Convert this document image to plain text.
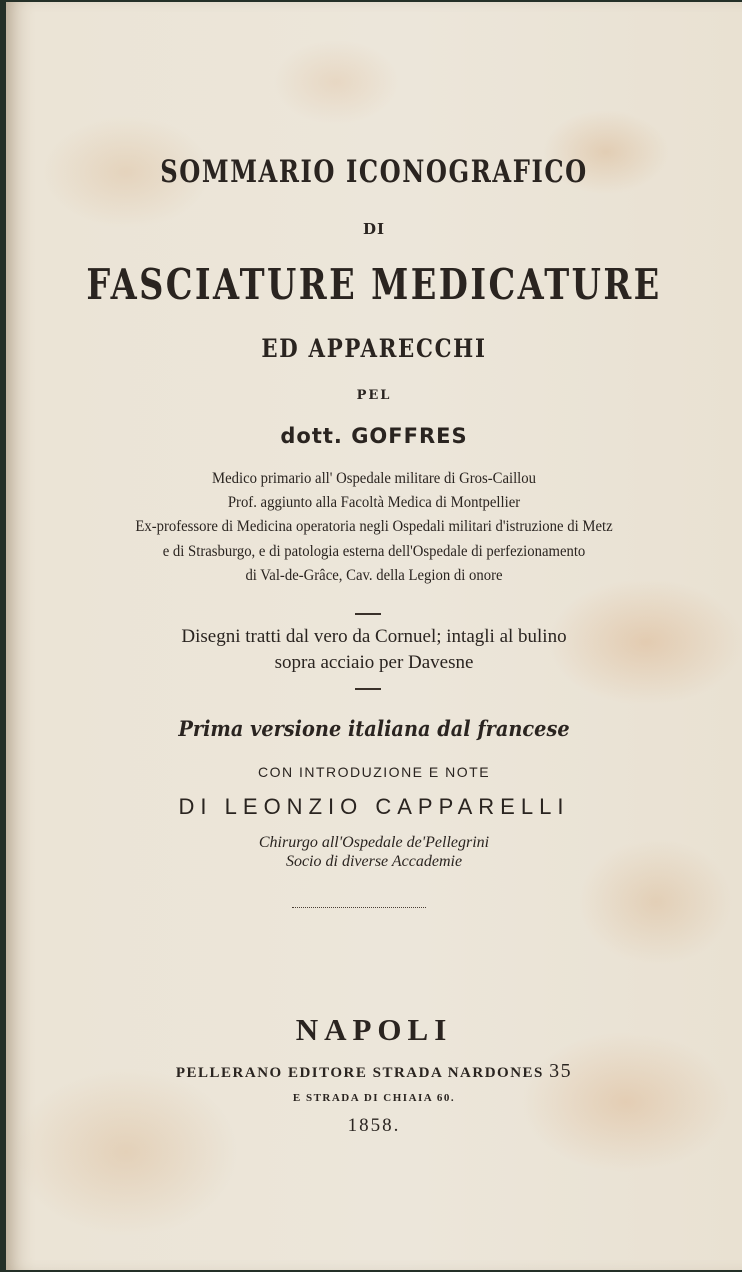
SOMMARIO ICONOGRAFICO
DI
FASCIATURE MEDICATURE
ED APPARECCHI
PEL
dott. GOFFRES
Medico primario all' Ospedale militare di Gros-Caillou
Prof. aggiunto alla Facoltà Medica di Montpellier
Ex-professore di Medicina operatoria negli Ospedali militari d'istruzione di Metz
e di Strasburgo, e di patologia esterna dell'Ospedale di perfezionamento
di Val-de-Grâce, Cav. della Legion di onore
Disegni tratti dal vero da Cornuel; intagli al bulino
sopra acciaio per Davesne
Prima versione italiana dal francese
CON INTRODUZIONE E NOTE
DI LEONZIO CAPPARELLI
Chirurgo all'Ospedale de'Pellegrini
Socio di diverse Accademie
NAPOLI
PELLERANO EDITORE STRADA NARDONES 35
E STRADA DI CHIAIA 60.
1858.
